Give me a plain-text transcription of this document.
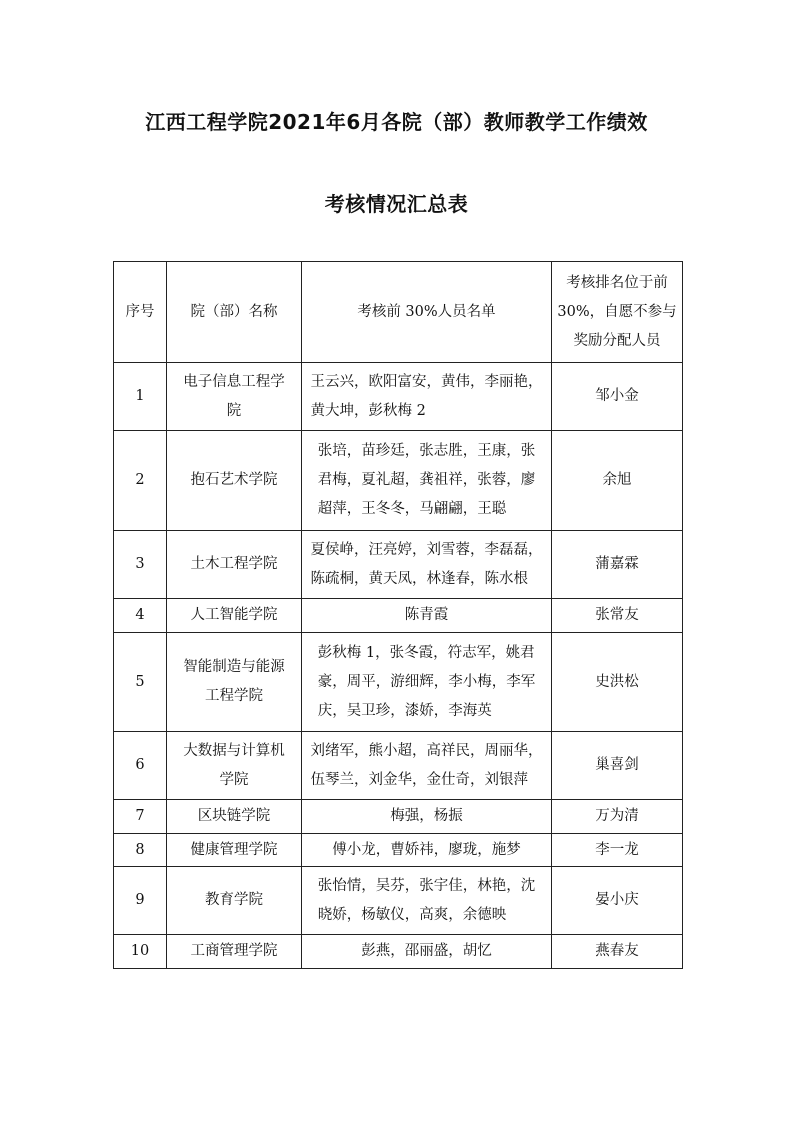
江西工程学院2021年6月各院（部）教师教学工作绩效
考核情况汇总表
序号	院（部）名称	考核前 30%人员名单	考核排名位于前
30%，自愿不参与
奖励分配人员
1	电子信息工程学
院	王云兴，欧阳富安，黄伟，李丽艳，
黄大坤，彭秋梅 2	邹小金
2	抱石艺术学院	张培，苗珍廷，张志胜，王康，张
君梅，夏礼超，龚祖祥，张蓉，廖
超萍，王冬冬，马翩翩，王聪	余旭
3	土木工程学院	夏侯峥，汪亮婷，刘雪蓉，李磊磊，
陈疏桐，黄天凤，林逢春，陈水根	蒲嘉霖
4	人工智能学院	陈青霞	张常友
5	智能制造与能源
工程学院	彭秋梅 1，张冬霞，符志军，姚君
豪，周平，游细辉，李小梅，李军
庆，吴卫珍，漆娇，李海英	史洪松
6	大数据与计算机
学院	刘绪军，熊小超，高祥民，周丽华，
伍琴兰，刘金华，金仕奇，刘银萍	巢喜剑
7	区块链学院	梅强，杨振	万为清
8	健康管理学院	傅小龙，曹娇祎，廖珑，施梦	李一龙
9	教育学院	张怡情，吴芬，张宇佳，林艳，沈
晓娇，杨敏仪，高爽，余德映	晏小庆
10	工商管理学院	彭燕，邵丽盛，胡忆	燕春友
